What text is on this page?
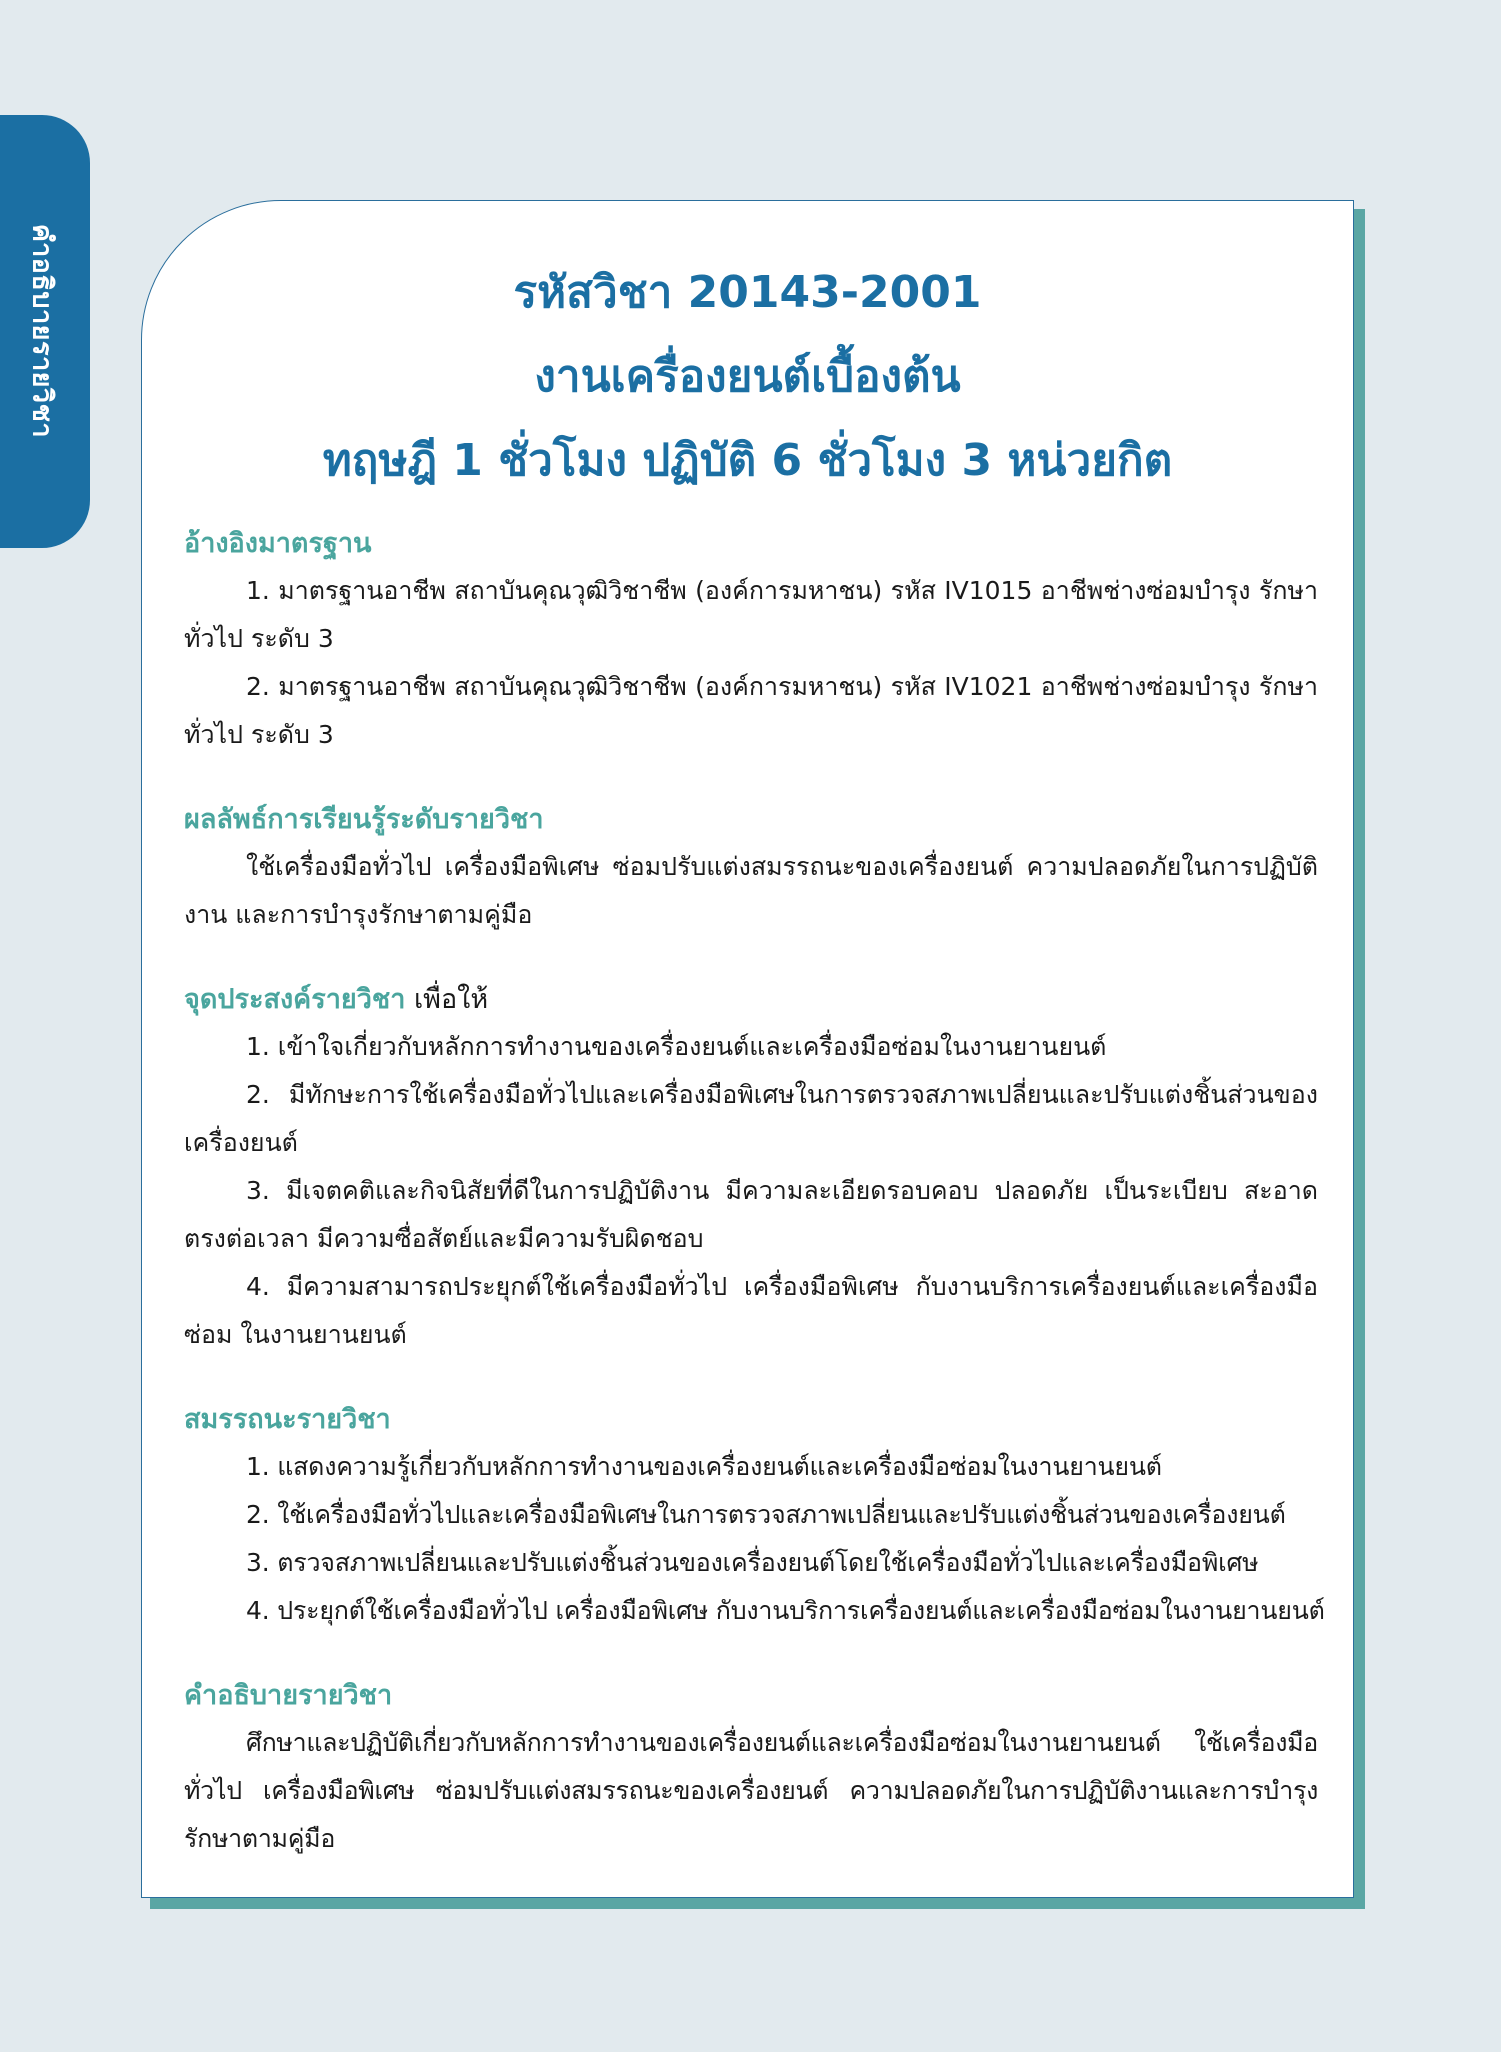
คำอธิบายรายวิชา	รหัสวิชา 20143-2001
งานเครื่องยนต์เบื้องต้น
ทฤษฎี 1 ชั่วโมง ปฏิบัติ 6 ชั่วโมง 3 หน่วยกิต
อ้างอิงมาตรฐาน
1. มาตรฐานอาชีพ สถาบันคุณวุฒิวิชาชีพ (องค์การมหาชน) รหัส IV1015 อาชีพช่างซ่อมบำรุง รักษาทั่วไป ระดับ 3
2. มาตรฐานอาชีพ สถาบันคุณวุฒิวิชาชีพ (องค์การมหาชน) รหัส IV1021 อาชีพช่างซ่อมบำรุง รักษาทั่วไป ระดับ 3
ผลลัพธ์การเรียนรู้ระดับรายวิชา
ใช้เครื่องมือทั่วไป เครื่องมือพิเศษ ซ่อมปรับแต่งสมรรถนะของเครื่องยนต์ ความปลอดภัยในการปฏิบัติงาน และการบำรุงรักษาตามคู่มือ
จุดประสงค์รายวิชา เพื่อให้
1. เข้าใจเกี่ยวกับหลักการทำงานของเครื่องยนต์และเครื่องมือซ่อมในงานยานยนต์
2. มีทักษะการใช้เครื่องมือทั่วไปและเครื่องมือพิเศษในการตรวจสภาพเปลี่ยนและปรับแต่งชิ้นส่วนของเครื่องยนต์
3. มีเจตคติและกิจนิสัยที่ดีในการปฏิบัติงาน มีความละเอียดรอบคอบ ปลอดภัย เป็นระเบียบ สะอาด ตรงต่อเวลา มีความซื่อสัตย์และมีความรับผิดชอบ
4. มีความสามารถประยุกต์ใช้เครื่องมือทั่วไป เครื่องมือพิเศษ กับงานบริการเครื่องยนต์และเครื่องมือซ่อม ในงานยานยนต์
สมรรถนะรายวิชา
1. แสดงความรู้เกี่ยวกับหลักการทำงานของเครื่องยนต์และเครื่องมือซ่อมในงานยานยนต์
2. ใช้เครื่องมือทั่วไปและเครื่องมือพิเศษในการตรวจสภาพเปลี่ยนและปรับแต่งชิ้นส่วนของเครื่องยนต์
3. ตรวจสภาพเปลี่ยนและปรับแต่งชิ้นส่วนของเครื่องยนต์โดยใช้เครื่องมือทั่วไปและเครื่องมือพิเศษ
4. ประยุกต์ใช้เครื่องมือทั่วไป เครื่องมือพิเศษ กับงานบริการเครื่องยนต์และเครื่องมือซ่อมในงานยานยนต์
คำอธิบายรายวิชา
ศึกษาและปฏิบัติเกี่ยวกับหลักการทำงานของเครื่องยนต์และเครื่องมือซ่อมในงานยานยนต์ ใช้เครื่องมือทั่วไป เครื่องมือพิเศษ ซ่อมปรับแต่งสมรรถนะของเครื่องยนต์ ความปลอดภัยในการปฏิบัติงานและการบำรุงรักษาตามคู่มือ
